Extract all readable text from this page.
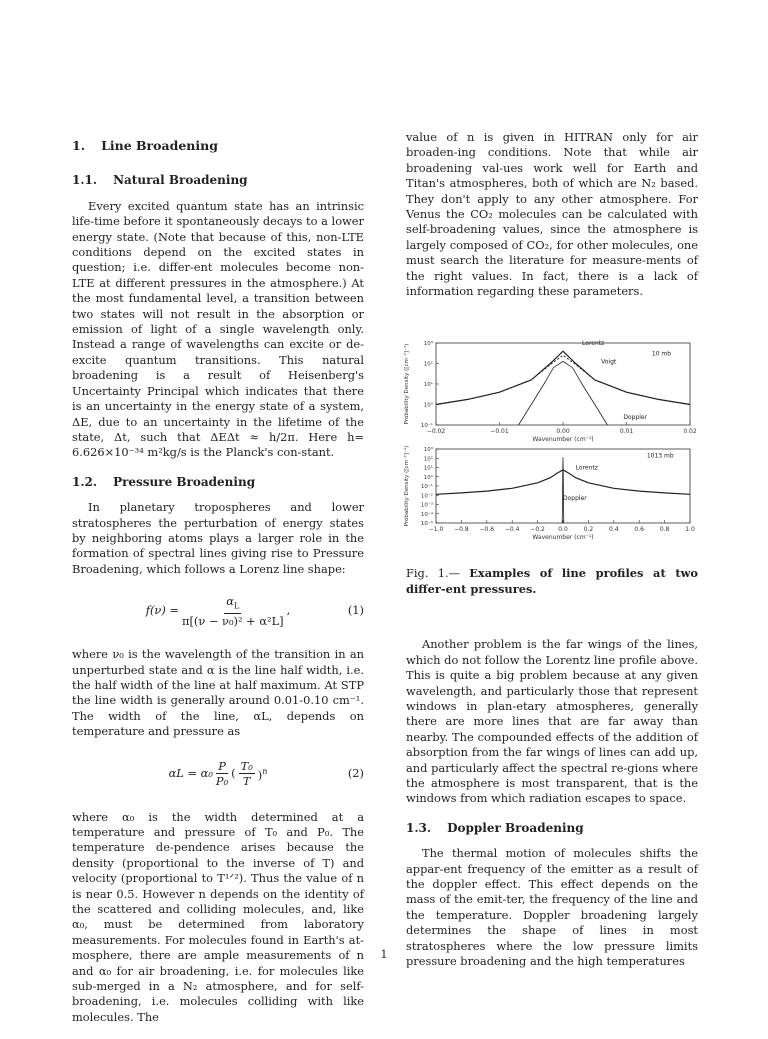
1. Line Broadening
1.1. Natural Broadening

Every excited quantum state has an intrinsic life-time before it spontaneously decays to a lower energy state. (Note that because of this, non-LTE conditions depend on the excited states in question; i.e. differ-ent molecules become non-LTE at different pressures in the atmosphere.) At the most fundamental level, a transition between two states will not result in the absorption or emission of light of a single wavelength only. Instead a range of wavelengths can excite or de-excite quantum transitions. This natural broadening is a result of Heisenberg's Uncertainty Principal which indicates that there is an uncertainty in the energy state of a system, ΔE, due to an uncertainty in the lifetime of the state, Δt, such that ΔEΔt ≈ h/2π. Here h= 6.626×10⁻³⁴ m²kg/s is the Planck's con-stant.

1.2. Pressure Broadening

In planetary tropospheres and lower stratospheres the perturbation of energy states by neighboring atoms plays a larger role in the formation of spectral lines giving rise to Pressure Broadening, which follows a Lorenz line shape:

$f(\nu) = \frac{\alpha_L}{\text{π[(ν − ν₀)² + α²L]}}$ ,	(1)

where ν₀ is the wavelength of the transition in an unperturbed state and α is the line half width, i.e. the half width of the line at half maximum. At STP the line width is generally around 0.01-0.10 cm⁻¹. The width of the line, αL, depends on temperature and pressure as

$\alpha L = \alpha_0 \frac{P}{\text{P₀}}$ ( $\frac{\text{T₀}}{T} )^n$	(2)

where α₀ is the width determined at a temperature and pressure of T₀ and P₀. The temperature de-pendence arises because the density (proportional to the inverse of T) and velocity (proportional to T¹ᐟ²). Thus the value of n is near 0.5. However n depends on the identity of the scattered and colliding molecules, and, like α₀, must be determined from laboratory measurements. For molecules found in Earth's at-mosphere, there are ample measurements of n and α₀ for air broadening, i.e. for molecules like sub-merged in a N₂ atmosphere, and for self-broadening, i.e. molecules colliding with like molecules. The

value of n is given in HITRAN only for air broaden-ing conditions. Note that while air broadening val-ues work well for Earth and Titan's atmospheres, both of which are N₂ based. They don't apply to any other atmosphere. For Venus the CO₂ molecules can be calculated with self-broadening values, since the atmosphere is largely composed of CO₂, for other molecules, one must search the literature for measure-ments of the right values. In fact, there is a lack of information regarding these parameters.

10⁻¹
10⁰
10¹
10²
10³
−0.02	−0.01	0.00	0.01	0.02
Lorentz
Voigt
Doppler
10 mb
Wavenumber (cm⁻¹)
Probability Density ([cm⁻¹]⁻¹)
10⁻⁵
10⁻⁴
10⁻³
10⁻²
10⁻¹
10⁰
10¹
10²
10³
−1.0 −0.8 −0.6 −0.4 −0.2 0.0	0.2	0.4	0.6	0.8	1.0
Lorentz
Doppler
1013 mb
Wavenumber (cm⁻¹)
Probability Density ([cm⁻¹]⁻¹)

Fig. 1.— Examples of line profiles at two differ-ent pressures.

Another problem is the far wings of the lines, which do not follow the Lorentz line profile above. This is quite a big problem because at any given wavelength, and particularly those that represent windows in plan-etary atmospheres, generally there are more lines that are far away than nearby. The compounded effects of the addition of absorption from the far wings of lines can add up, and particularly affect the spectral re-gions where the atmosphere is most transparent, that is the windows from which radiation escapes to space.

1.3. Doppler Broadening

The thermal motion of molecules shifts the appar-ent frequency of the emitter as a result of the doppler effect. This effect depends on the mass of the emit-ter, the frequency of the line and the temperature. Doppler broadening largely determines the shape of lines in most stratospheres where the low pressure limits pressure broadening and the high temperatures

1
